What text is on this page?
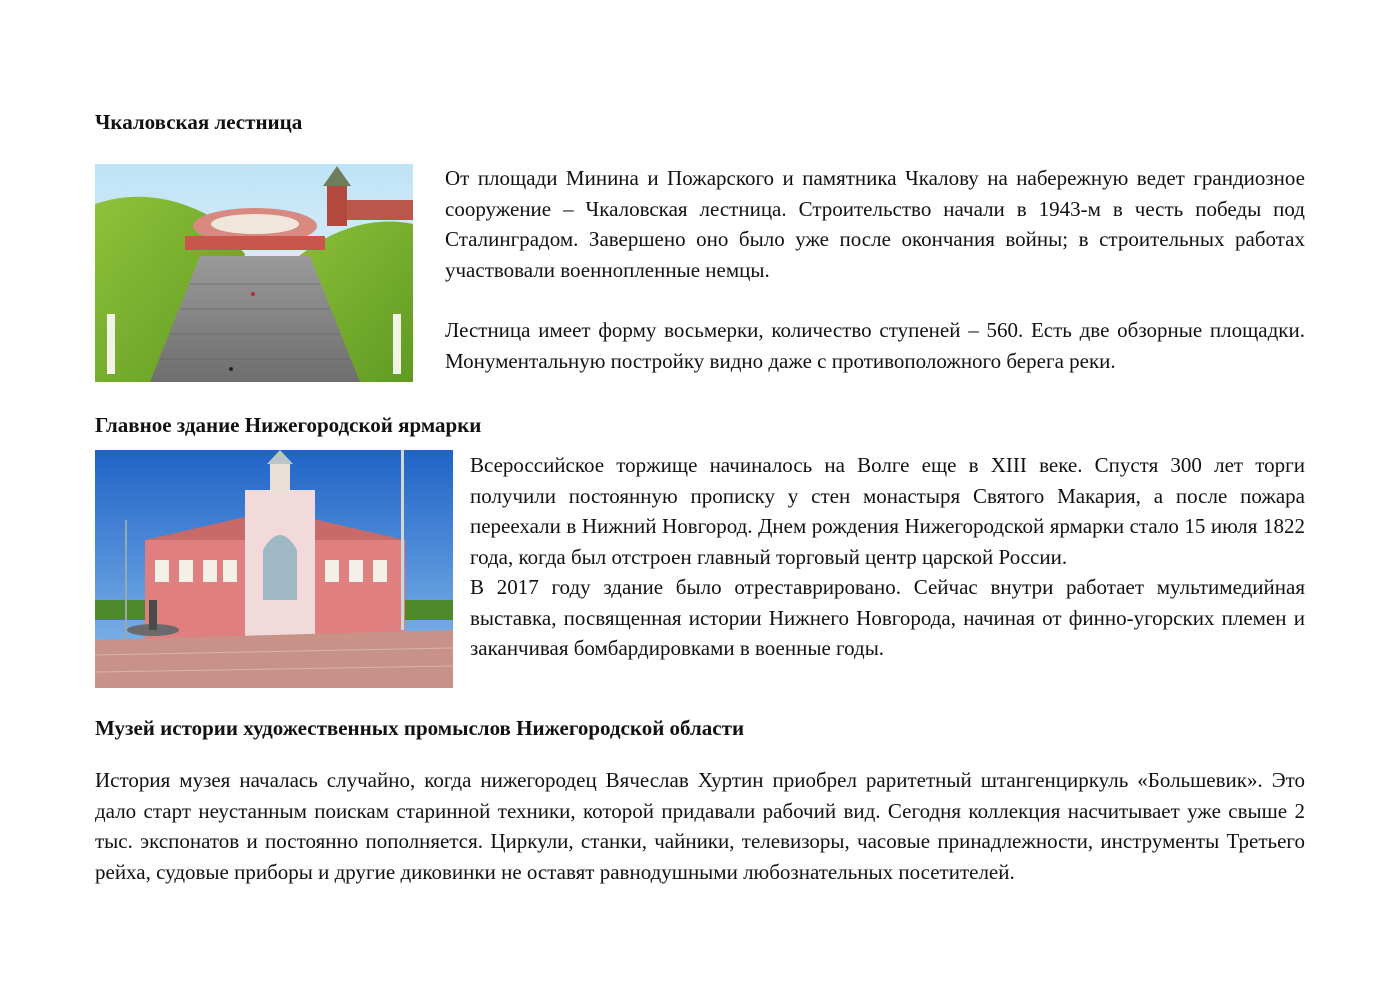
Чкаловская лестница

От площади Минина и Пожарского и памятника Чкалову на набережную ведет грандиозное сооружение – Чкаловская лестница. Строительство начали в 1943-м в честь победы под Сталинградом. Завершено оно было уже после окончания войны; в строительных работах участвовали военнопленные немцы.

Лестница имеет форму восьмерки, количество ступеней – 560. Есть две обзорные площадки. Монументальную постройку видно даже с противоположного берега реки.

Главное здание Нижегородской ярмарки

Всероссийское торжище начиналось на Волге еще в XIII веке. Спустя 300 лет торги получили постоянную прописку у стен монастыря Святого Макария, а после пожара переехали в Нижний Новгород. Днем рождения Нижегородской ярмарки стало 15 июля 1822 года, когда был отстроен главный торговый центр царской России.

В 2017 году здание было отреставрировано. Сейчас внутри работает мультимедийная выставка, посвященная истории Нижнего Новгорода, начиная от финно-угорских племен и заканчивая бомбардировками в военные годы.

Музей истории художественных промыслов Нижегородской области

История музея началась случайно, когда нижегородец Вячеслав Хуртин приобрел раритетный штангенциркуль «Большевик». Это дало старт неустанным поискам старинной техники, которой придавали рабочий вид. Сегодня коллекция насчитывает уже свыше 2 тыс. экспонатов и постоянно пополняется. Циркули, станки, чайники, телевизоры, часовые принадлежности, инструменты Третьего рейха, судовые приборы и другие диковинки не оставят равнодушными любознательных посетителей.
